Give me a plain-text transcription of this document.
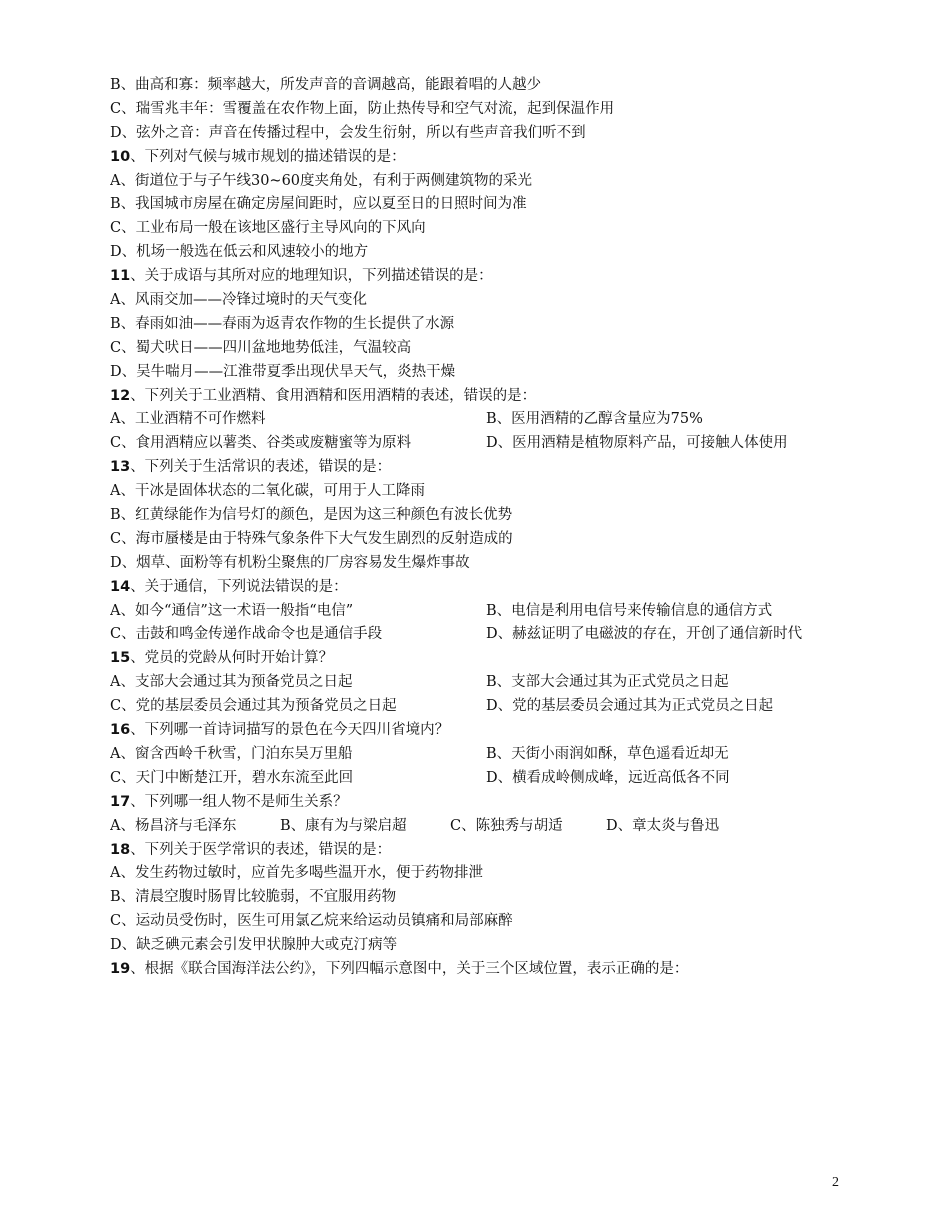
B、曲高和寡：频率越大，所发声音的音调越高，能跟着唱的人越少
C、瑞雪兆丰年：雪覆盖在农作物上面，防止热传导和空气对流，起到保温作用
D、弦外之音：声音在传播过程中，会发生衍射，所以有些声音我们听不到
10、下列对气候与城市规划的描述错误的是：
A、街道位于与子午线30~60度夹角处，有利于两侧建筑物的采光
B、我国城市房屋在确定房屋间距时，应以夏至日的日照时间为准
C、工业布局一般在该地区盛行主导风向的下风向
D、机场一般选在低云和风速较小的地方
11、关于成语与其所对应的地理知识，下列描述错误的是：
A、风雨交加——冷锋过境时的天气变化
B、春雨如油——春雨为返青农作物的生长提供了水源
C、蜀犬吠日——四川盆地地势低洼，气温较高
D、吴牛喘月——江淮带夏季出现伏旱天气，炎热干燥
12、下列关于工业酒精、食用酒精和医用酒精的表述，错误的是：
A、工业酒精不可作燃料	B、医用酒精的乙醇含量应为75%
C、食用酒精应以薯类、谷类或废糖蜜等为原料	D、医用酒精是植物原料产品，可接触人体使用
13、下列关于生活常识的表述，错误的是：
A、干冰是固体状态的二氧化碳，可用于人工降雨
B、红黄绿能作为信号灯的颜色，是因为这三种颜色有波长优势
C、海市蜃楼是由于特殊气象条件下大气发生剧烈的反射造成的
D、烟草、面粉等有机粉尘聚焦的厂房容易发生爆炸事故
14、关于通信，下列说法错误的是：
A、如今“通信”这一术语一般指“电信”	B、电信是利用电信号来传输信息的通信方式
C、击鼓和鸣金传递作战命令也是通信手段	D、赫兹证明了电磁波的存在，开创了通信新时代
15、党员的党龄从何时开始计算？
A、支部大会通过其为预备党员之日起	B、支部大会通过其为正式党员之日起
C、党的基层委员会通过其为预备党员之日起	D、党的基层委员会通过其为正式党员之日起
16、下列哪一首诗词描写的景色在今天四川省境内？
A、窗含西岭千秋雪，门泊东吴万里船	B、天街小雨润如酥，草色遥看近却无
C、天门中断楚江开，碧水东流至此回	D、横看成岭侧成峰，远近高低各不同
17、下列哪一组人物不是师生关系？
A、杨昌济与毛泽东	B、康有为与梁启超	C、陈独秀与胡适	D、章太炎与鲁迅
18、下列关于医学常识的表述，错误的是：
A、发生药物过敏时，应首先多喝些温开水，便于药物排泄
B、清晨空腹时肠胃比较脆弱，不宜服用药物
C、运动员受伤时，医生可用氯乙烷来给运动员镇痛和局部麻醉
D、缺乏碘元素会引发甲状腺肿大或克汀病等
19、根据《联合国海洋法公约》，下列四幅示意图中，关于三个区域位置，表示正确的是：
2
